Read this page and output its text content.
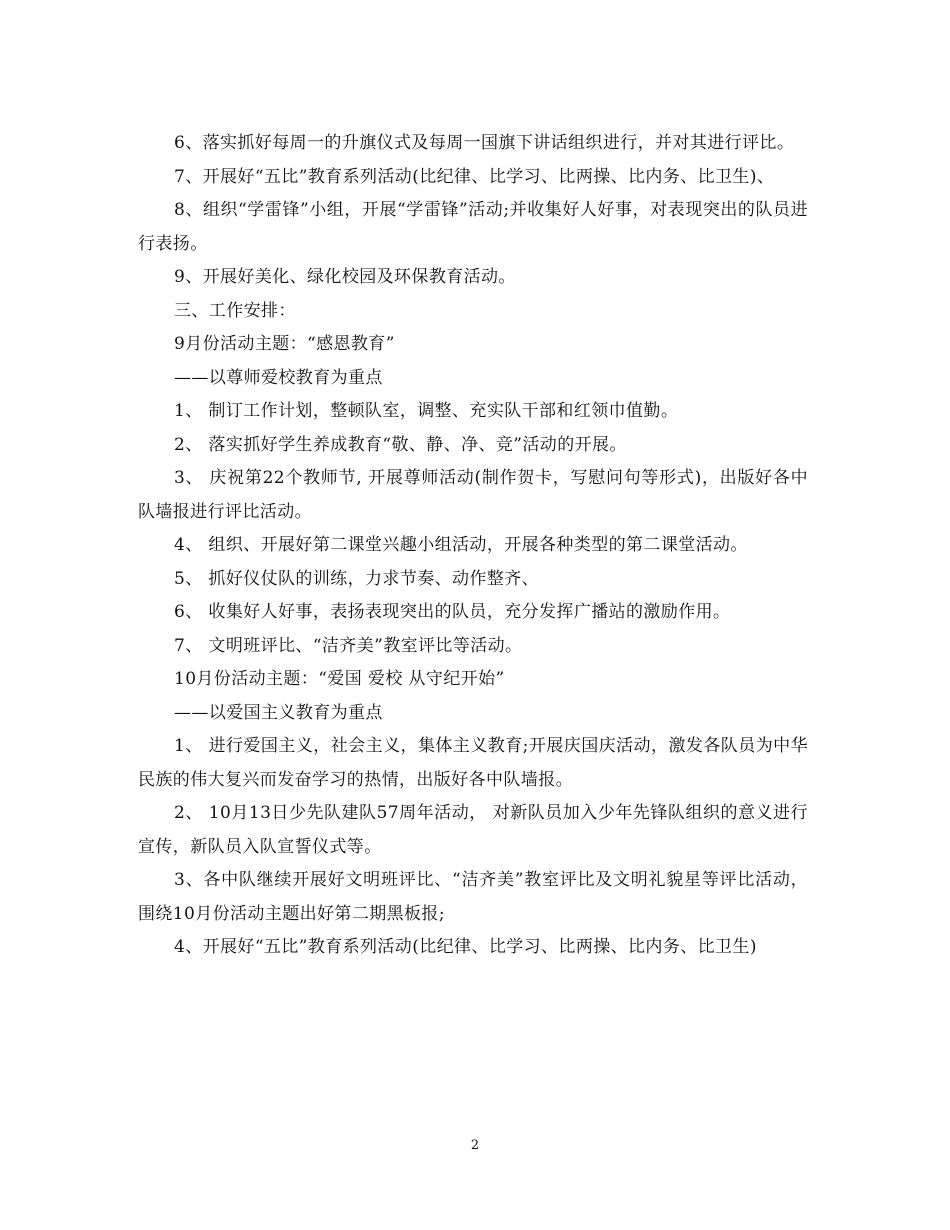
6、落实抓好每周一的升旗仪式及每周一国旗下讲话组织进行，并对其进行评比。

7、开展好“五比”教育系列活动(比纪律、比学习、比两操、比内务、比卫生)、

8、组织“学雷锋”小组，开展“学雷锋”活动;并收集好人好事，对表现突出的队员进行表扬。

9、开展好美化、绿化校园及环保教育活动。

三、工作安排：

9月份活动主题：“感恩教育”

——以尊师爱校教育为重点

1、 制订工作计划，整顿队室，调整、充实队干部和红领巾值勤。

2、 落实抓好学生养成教育“敬、静、净、竞”活动的开展。

3、 庆祝第22个教师节, 开展尊师活动(制作贺卡，写慰问句等形式)，出版好各中队墙报进行评比活动。

4、 组织、开展好第二课堂兴趣小组活动，开展各种类型的第二课堂活动。

5、 抓好仪仗队的训练，力求节奏、动作整齐、

6、 收集好人好事，表扬表现突出的队员，充分发挥广播站的激励作用。

7、 文明班评比、“洁齐美”教室评比等活动。

10月份活动主题：“爱国 爱校 从守纪开始”

——以爱国主义教育为重点

1、 进行爱国主义，社会主义，集体主义教育;开展庆国庆活动，激发各队员为中华民族的伟大复兴而发奋学习的热情，出版好各中队墙报。

2、 10月13日少先队建队57周年活动， 对新队员加入少年先锋队组织的意义进行宣传，新队员入队宣誓仪式等。

3、各中队继续开展好文明班评比、“洁齐美”教室评比及文明礼貌星等评比活动，围绕10月份活动主题出好第二期黑板报;

4、开展好“五比”教育系列活动(比纪律、比学习、比两操、比内务、比卫生)

2
